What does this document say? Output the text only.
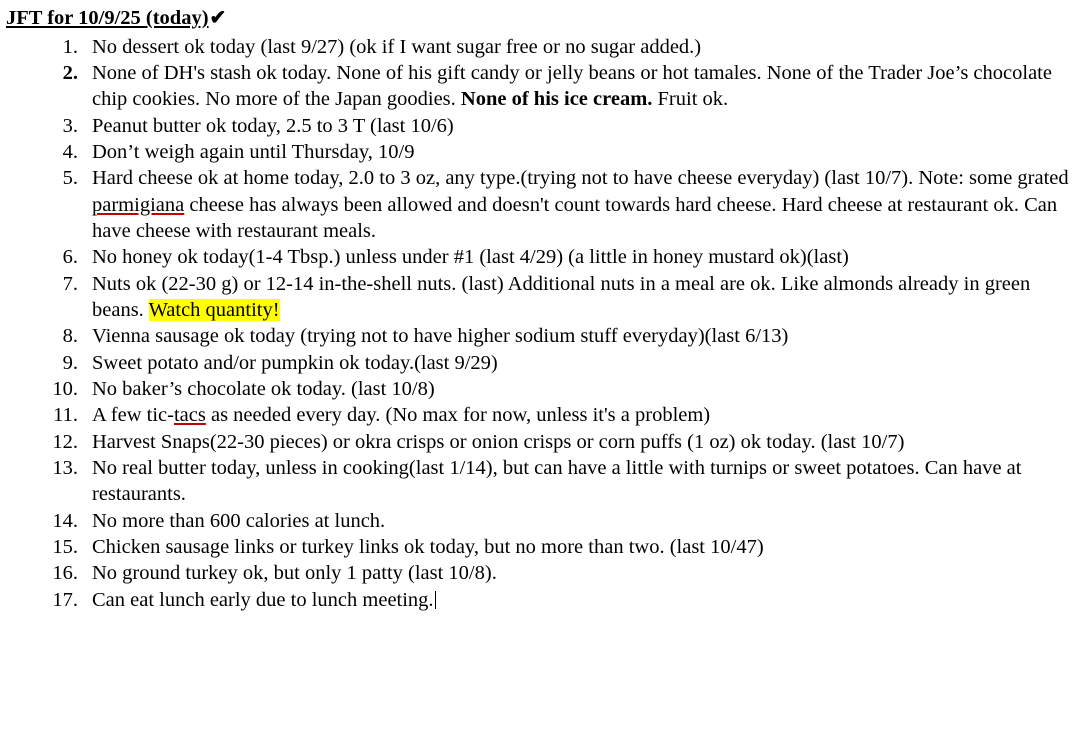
JFT for 10/9/25 (today)✔
1. No dessert ok today (last 9/27) (ok if I want sugar free or no sugar added.)
2. None of DH's stash ok today. None of his gift candy or jelly beans or hot tamales. None of the Trader Joe’s chocolate chip cookies. No more of the Japan goodies. None of his ice cream. Fruit ok.
3. Peanut butter ok today, 2.5 to 3 T (last 10/6)
4. Don’t weigh again until Thursday, 10/9
5. Hard cheese ok at home today, 2.0 to 3 oz, any type.(trying not to have cheese everyday) (last 10/7). Note: some grated parmigiana cheese has always been allowed and doesn't count towards hard cheese. Hard cheese at restaurant ok. Can have cheese with restaurant meals.
6. No honey ok today(1-4 Tbsp.) unless under #1 (last 4/29) (a little in honey mustard ok)(last)
7. Nuts ok (22-30 g) or 12-14 in-the-shell nuts. (last) Additional nuts in a meal are ok. Like almonds already in green beans. Watch quantity!
8. Vienna sausage ok today (trying not to have higher sodium stuff everyday)(last 6/13)
9. Sweet potato and/or pumpkin ok today.(last 9/29)
10. No baker’s chocolate ok today. (last 10/8)
11. A few tic-tacs as needed every day. (No max for now, unless it's a problem)
12. Harvest Snaps(22-30 pieces) or okra crisps or onion crisps or corn puffs (1 oz) ok today. (last 10/7)
13. No real butter today, unless in cooking(last 1/14), but can have a little with turnips or sweet potatoes. Can have at restaurants.
14. No more than 600 calories at lunch.
15. Chicken sausage links or turkey links ok today, but no more than two. (last 10/47)
16. No ground turkey ok, but only 1 patty (last 10/8).
17. Can eat lunch early due to lunch meeting.
